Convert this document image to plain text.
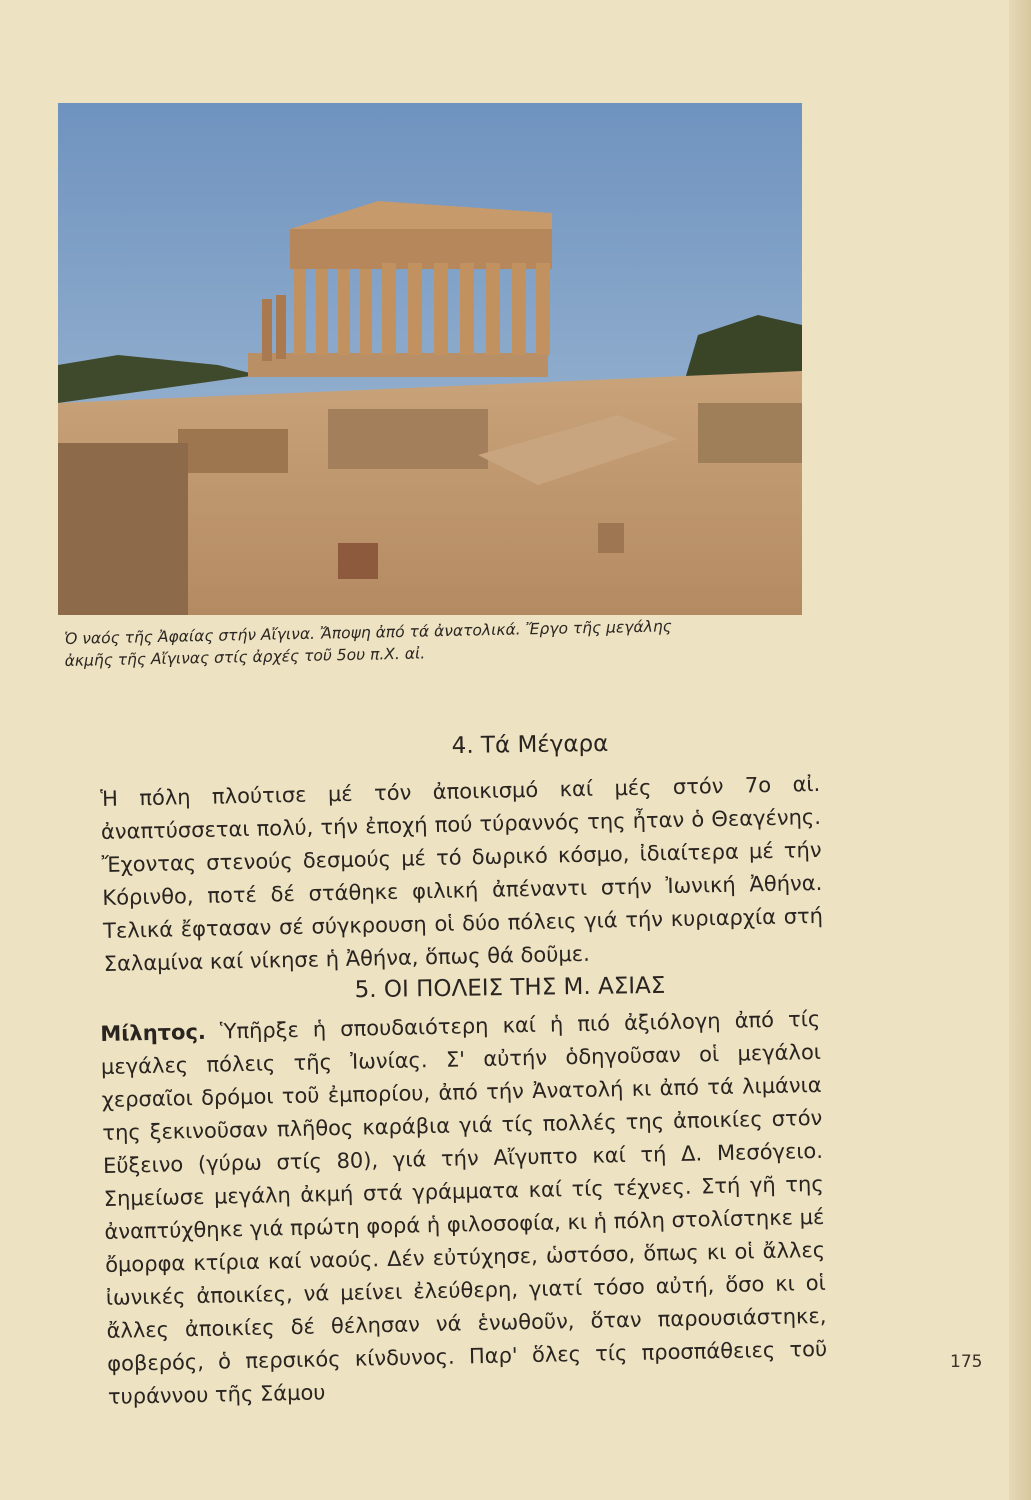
Ὁ ναός τῆς Ἀφαίας στήν Αἴγινα. Ἄποψη ἀπό τά ἀνατολικά. Ἔργο τῆς μεγάλης

ἀκμῆς τῆς Αἴγινας στίς ἀρχές τοῦ 5ου π.Χ. αἰ.

4. Τά Μέγαρα

Ἡ πόλη πλούτισε μέ τόν ἀποικισμό καί μές στόν 7ο αἰ. ἀναπτύσσεται πολύ, τήν ἐποχή πού τύραννός της ἦταν ὁ Θεαγένης. Ἔχοντας στενούς δεσμούς μέ τό δωρικό κόσμο, ἰδιαίτερα μέ τήν Κόρινθο, ποτέ δέ στάθηκε φιλική ἀπέναντι στήν Ἰωνική Ἀθήνα. Τελικά ἔφτασαν σέ σύγκρουση οἱ δύο πόλεις γιά τήν κυριαρχία στή Σαλαμίνα καί νίκησε ἡ Ἀθήνα, ὅπως θά δοῦμε.

5. ΟΙ ΠΟΛΕΙΣ ΤΗΣ Μ. ΑΣΙΑΣ

Μίλητος. Ὑπῆρξε ἡ σπουδαιότερη καί ἡ πιό ἀξιόλογη ἀπό τίς μεγάλες πόλεις τῆς Ἰωνίας. Σ' αὐτήν ὁδηγοῦσαν οἱ μεγάλοι χερσαῖοι δρόμοι τοῦ ἐμπορίου, ἀπό τήν Ἀνατολή κι ἀπό τά λιμάνια της ξεκινοῦσαν πλῆθος καράβια γιά τίς πολλές της ἀποικίες στόν Εὔξεινο (γύρω στίς 80), γιά τήν Αἴγυπτο καί τή Δ. Μεσόγειο. Σημείωσε μεγάλη ἀκμή στά γράμματα καί τίς τέχνες. Στή γῆ της ἀναπτύχθηκε γιά πρώτη φορά ἡ φιλοσοφία, κι ἡ πόλη στολίστηκε μέ ὄμορφα κτίρια καί ναούς. Δέν εὐτύχησε, ὡστόσο, ὅπως κι οἱ ἄλλες ἰωνικές ἀποικίες, νά μείνει ἐλεύθερη, γιατί τόσο αὐτή, ὅσο κι οἱ ἄλλες ἀποικίες δέ θέλησαν νά ἑνωθοῦν, ὅταν παρουσιάστηκε, φοβερός, ὁ περσικός κίνδυνος. Παρ' ὅλες τίς προσπάθειες τοῦ τυράννου τῆς Σάμου

175
